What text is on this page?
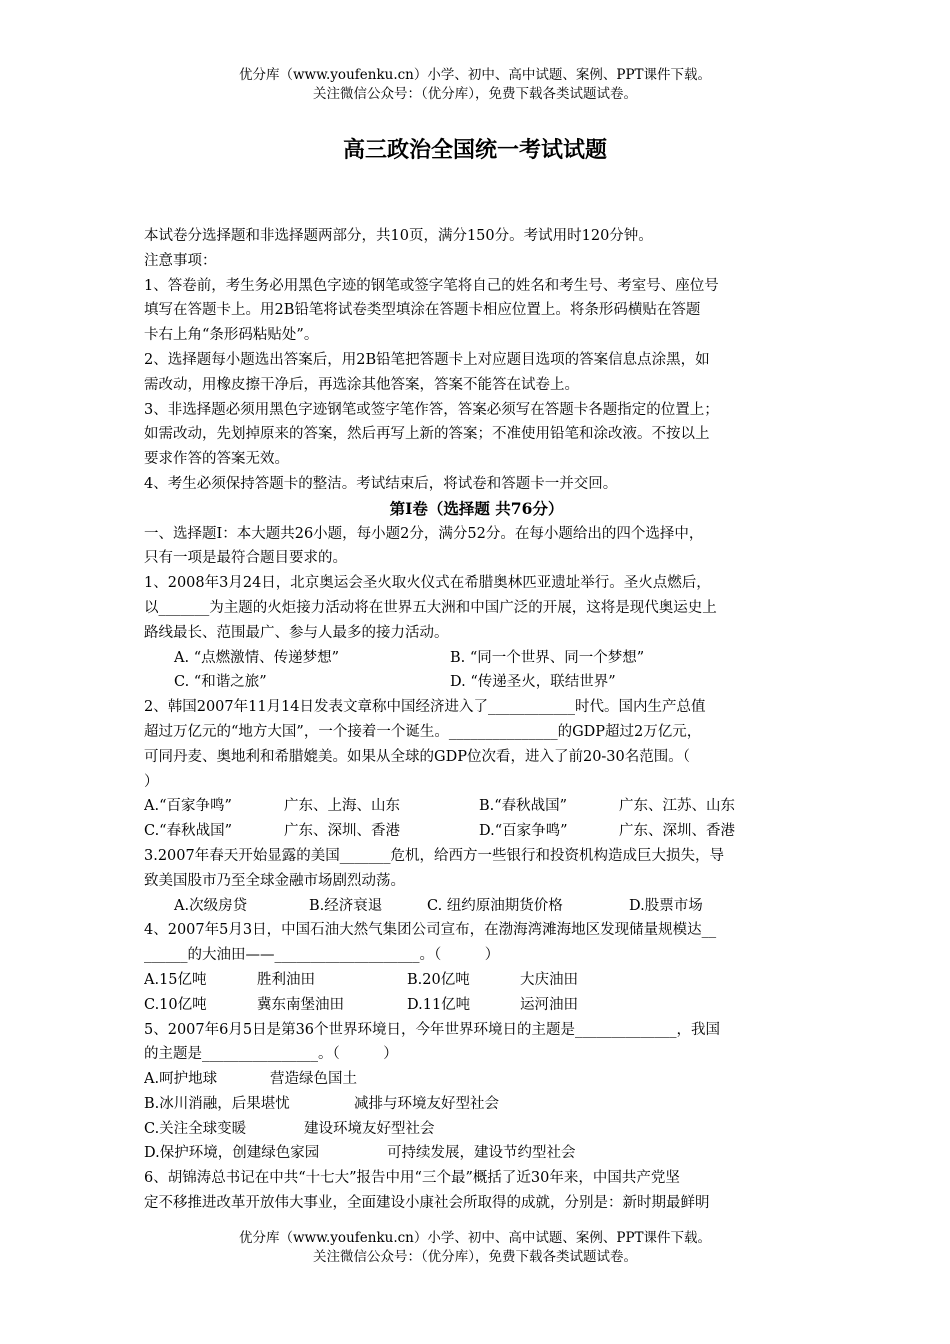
优分库（www.youfenku.cn）小学、初中、高中试题、案例、PPT课件下载。
关注微信公众号：（优分库），免费下载各类试题试卷。
高三政治全国统一考试试题
本试卷分选择题和非选择题两部分，共10页，满分150分。考试用时120分钟。
注意事项：
1、答卷前，考生务必用黑色字迹的钢笔或签字笔将自己的姓名和考生号、考室号、座位号
填写在答题卡上。用2B铅笔将试卷类型填涂在答题卡相应位置上。将条形码横贴在答题
卡右上角“条形码粘贴处”。
2、选择题每小题选出答案后，用2B铅笔把答题卡上对应题目选项的答案信息点涂黑，如
需改动，用橡皮擦干净后，再选涂其他答案，答案不能答在试卷上。
3、非选择题必须用黑色字迹钢笔或签字笔作答，答案必须写在答题卡各题指定的位置上；
如需改动，先划掉原来的答案，然后再写上新的答案；不准使用铅笔和涂改液。不按以上
要求作答的答案无效。
4、考生必须保持答题卡的整洁。考试结束后，将试卷和答题卡一并交回。
第Ⅰ卷（选择题 共76分）
一、选择题Ⅰ：本大题共26小题，每小题2分，满分52分。在每小题给出的四个选择中，
只有一项是最符合题目要求的。
1、2008年3月24日，北京奥运会圣火取火仪式在希腊奥林匹亚遗址举行。圣火点燃后，
以_______为主题的火炬接力活动将在世界五大洲和中国广泛的开展，这将是现代奥运史上
路线最长、范围最广、参与人最多的接力活动。
A. “点燃激情、传递梦想”	B. “同一个世界、同一个梦想”
C. “和谐之旅”	D. “传递圣火，联结世界”
2、韩国2007年11月14日发表文章称中国经济进入了____________时代。国内生产总值
超过万亿元的“地方大国”，一个接着一个诞生。_______________的GDP超过2万亿元，
可同丹麦、奥地利和希腊媲美。如果从全球的GDP位次看，进入了前20-30名范围。（
）
A.“百家争鸣”	广东、上海、山东	B.“春秋战国”	广东、江苏、山东
C.“春秋战国”	广东、深圳、香港	D.“百家争鸣”	广东、深圳、香港
3.2007年春天开始显露的美国_______危机，给西方一些银行和投资机构造成巨大损失，导
致美国股市乃至全球金融市场剧烈动荡。
A.次级房贷	B.经济衰退	C. 纽约原油期货价格	D.股票市场
4、2007年5月3日，中国石油大然气集团公司宣布，在渤海湾滩海地区发现储量规模达__
______的大油田——____________________。（　　　）
A.15亿吨	胜利油田	B.20亿吨	大庆油田
C.10亿吨	冀东南堡油田	D.11亿吨	运河油田
5、2007年6月5日是第36个世界环境日，今年世界环境日的主题是______________，我国
的主题是________________。（　　　）
A.呵护地球	营造绿色国土
B.冰川消融，后果堪忧	减排与环境友好型社会
C.关注全球变暖	建设环境友好型社会
D.保护环境，创建绿色家园	可持续发展，建设节约型社会
6、胡锦涛总书记在中共“十七大”报告中用“三个最”概括了近30年来，中国共产党坚
定不移推进改革开放伟大事业，全面建设小康社会所取得的成就，分别是：新时期最鲜明
优分库（www.youfenku.cn）小学、初中、高中试题、案例、PPT课件下载。
关注微信公众号：（优分库），免费下载各类试题试卷。
